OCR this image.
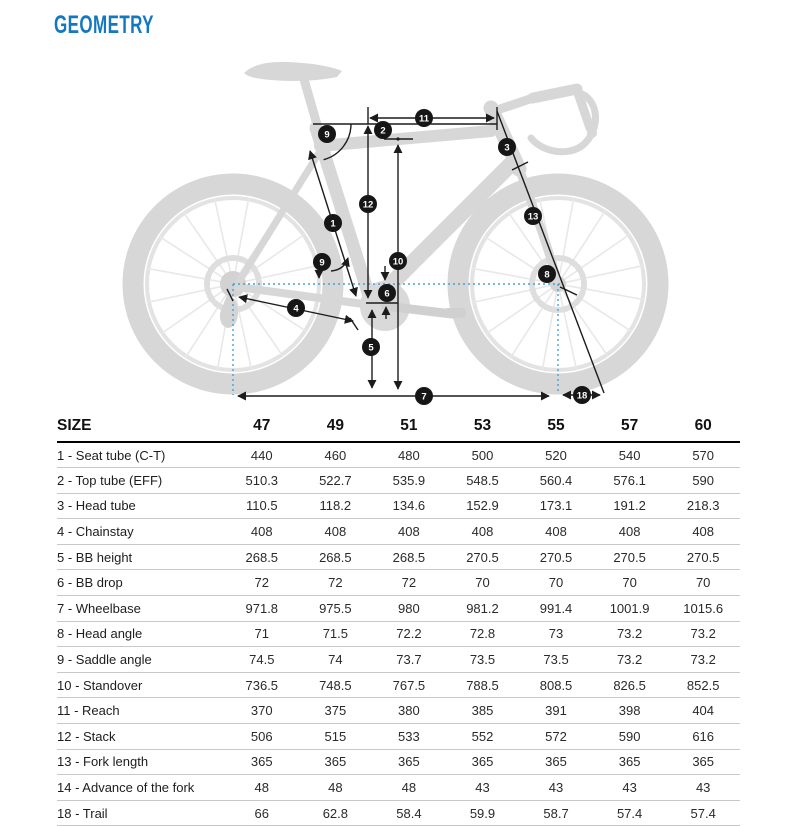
GEOMETRY
1
2
3
4
5
6
7
8
9
9	10
11
12
13
18
SIZE	47	49	51	53	55	57	60
1 - Seat tube (C-T)	440	460	480	500	520	540	570
2 - Top tube (EFF)	510.3	522.7	535.9	548.5	560.4	576.1	590
3 - Head tube	110.5	118.2	134.6	152.9	173.1	191.2	218.3
4 - Chainstay	408	408	408	408	408	408	408
5 - BB height	268.5	268.5	268.5	270.5	270.5	270.5	270.5
6 - BB drop	72	72	72	70	70	70	70
7 - Wheelbase	971.8	975.5	980	981.2	991.4	1001.9	1015.6
8 - Head angle	71	71.5	72.2	72.8	73	73.2	73.2
9 - Saddle angle	74.5	74	73.7	73.5	73.5	73.2	73.2
10 - Standover	736.5	748.5	767.5	788.5	808.5	826.5	852.5
11 - Reach	370	375	380	385	391	398	404
12 - Stack	506	515	533	552	572	590	616
13 - Fork length	365	365	365	365	365	365	365
14 - Advance of the fork	48	48	48	43	43	43	43
18 - Trail	66	62.8	58.4	59.9	58.7	57.4	57.4
